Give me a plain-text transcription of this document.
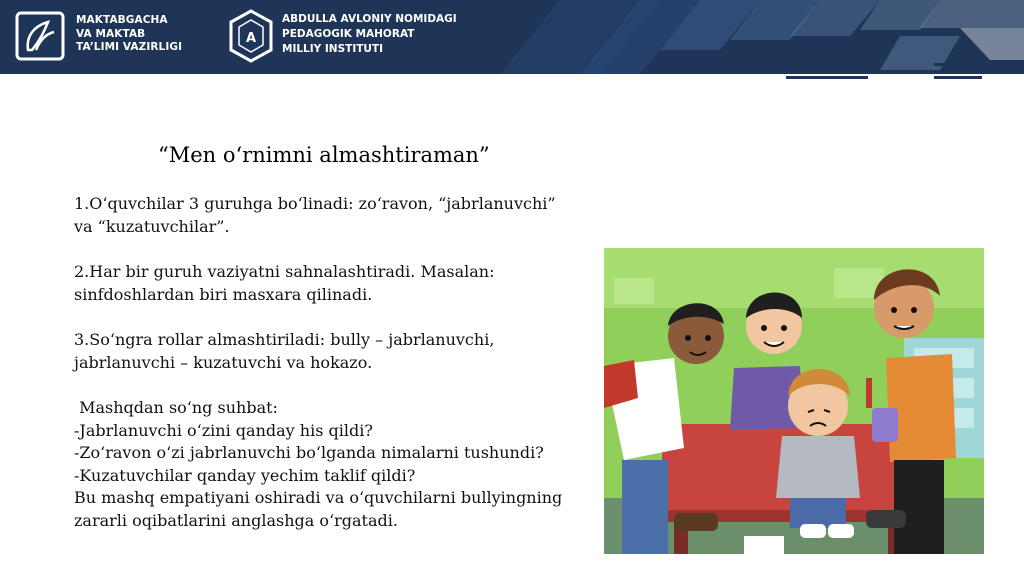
MAKTABGACHA
VA MAKTAB
TA’LIMI VAZIRLIGI
A
ABDULLA AVLONIY NOMIDAGI
PEDAGOGIK MAHORAT
MILLIY INSTITUTI
“Men oʻrnimni almashtiraman”

1.Oʻquvchilar 3 guruhga boʻlinadi: zoʻravon, “jabrlanuvchi”

va “kuzatuvchilar”.

2.Har bir guruh vaziyatni sahnalashtiradi. Masalan:

sinfdoshlardan biri masxara qilinadi.

3.Soʻngra rollar almashtiriladi: bully – jabrlanuvchi,

jabrlanuvchi – kuzatuvchi va hokazo.

Mashqdan soʻng suhbat:

-Jabrlanuvchi oʻzini qanday his qildi?

-Zoʻravon oʻzi jabrlanuvchi boʻlganda nimalarni tushundi?

-Kuzatuvchilar qanday yechim taklif qildi?

Bu mashq empatiyani oshiradi va oʻquvchilarni bullyingning

zararli oqibatlarini anglashga oʻrgatadi.
